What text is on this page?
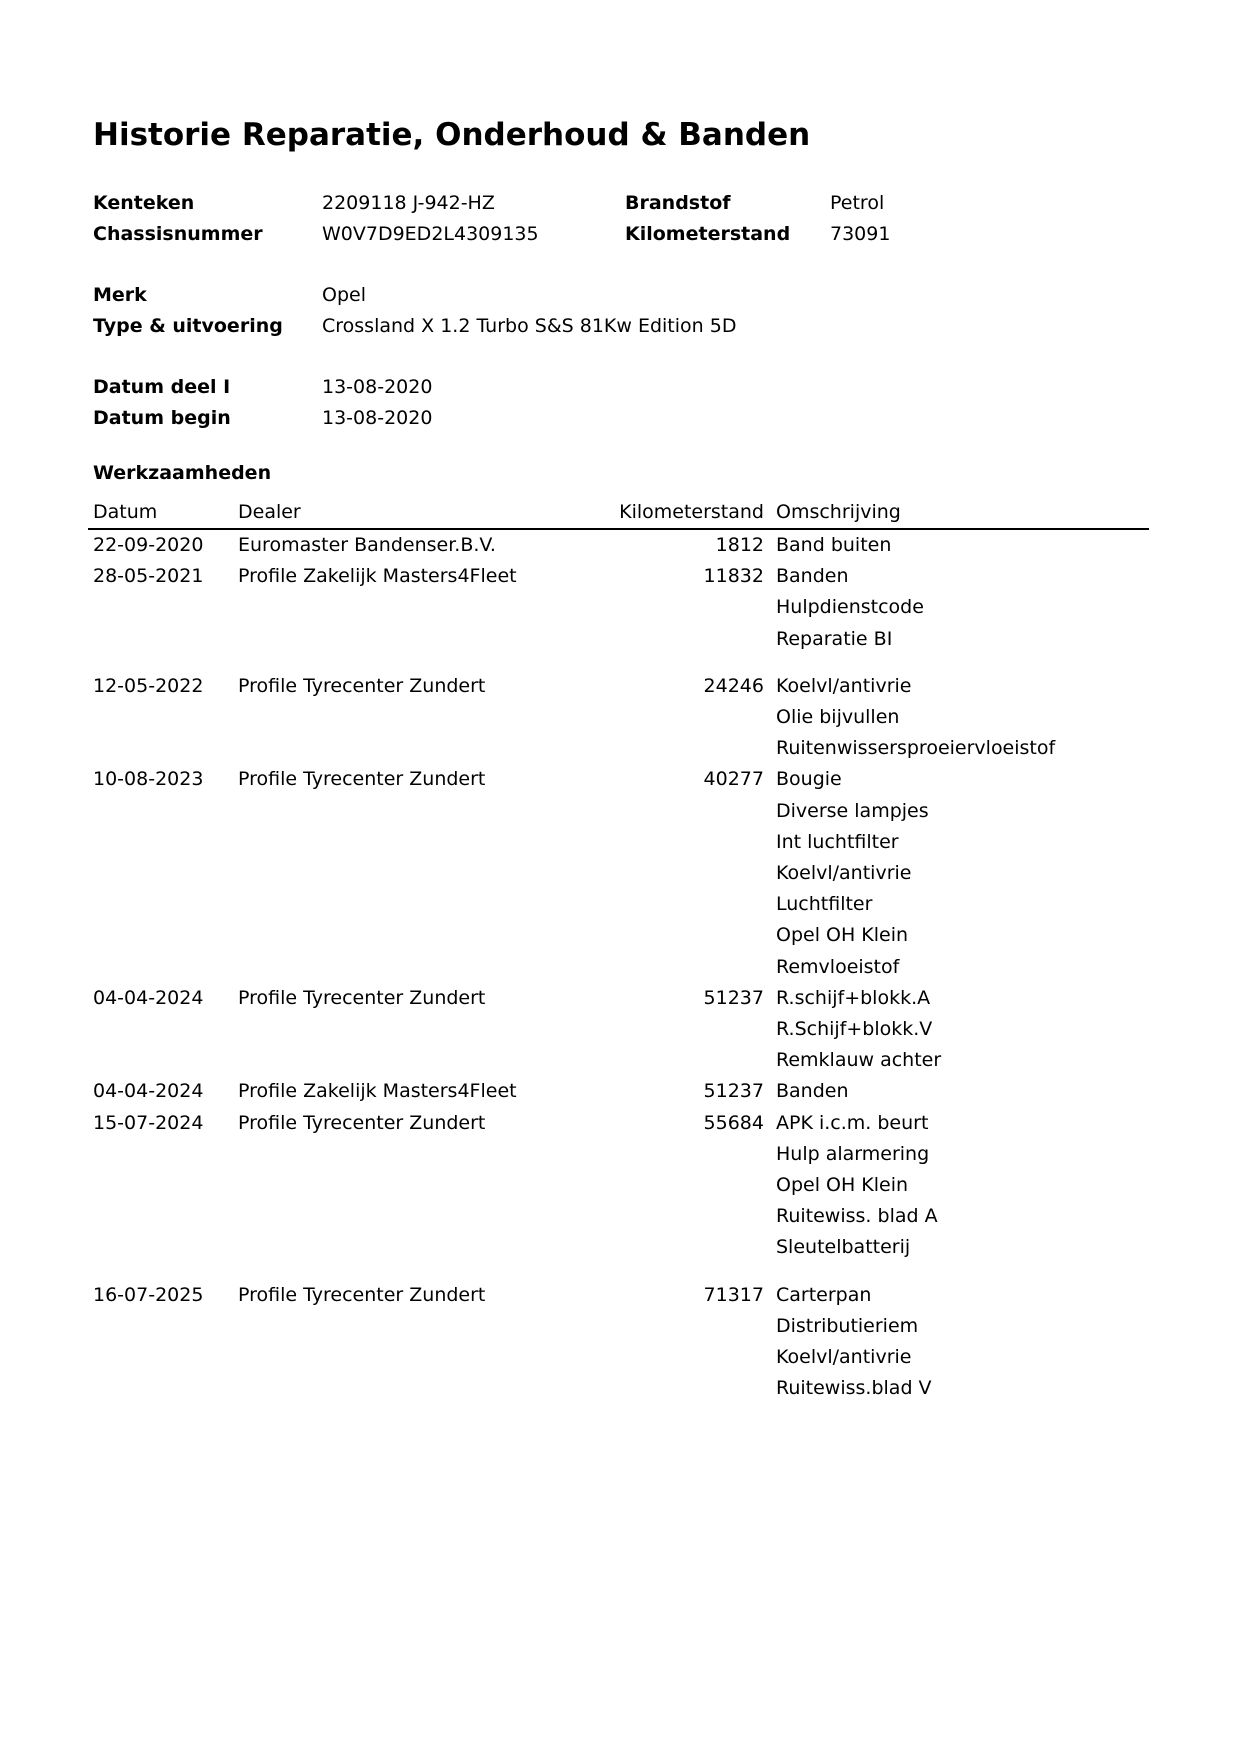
Historie Reparatie, Onderhoud & Banden
Kenteken	2209118 J-942-HZ	Brandstof	Petrol
Chassisnummer	W0V7D9ED2L4309135	Kilometerstand 73091
Merk	Opel
Type & uitvoering Crossland X 1.2 Turbo S&S 81Kw Edition 5D
Datum deel I	13-08-2020
Datum begin	13-08-2020
Werkzaamheden
Datum	Dealer	Kilometerstand Omschrijving
22-09-2020 Euromaster Bandenser.B.V.	1812 Band buiten
28-05-2021 Profile Zakelijk Masters4Fleet	11832 Banden
Hulpdienstcode
Reparatie BI
12-05-2022 Profile Tyrecenter Zundert	24246 Koelvl/antivrie
Olie bijvullen
Ruitenwissersproeiervloeistof
10-08-2023 Profile Tyrecenter Zundert	40277 Bougie
Diverse lampjes
Int luchtfilter
Koelvl/antivrie
Luchtfilter
Opel OH Klein
Remvloeistof
04-04-2024 Profile Tyrecenter Zundert	51237 R.schijf+blokk.A
R.Schijf+blokk.V
Remklauw achter
04-04-2024 Profile Zakelijk Masters4Fleet	51237 Banden
15-07-2024 Profile Tyrecenter Zundert	55684 APK i.c.m. beurt
Hulp alarmering
Opel OH Klein
Ruitewiss. blad A
Sleutelbatterij
16-07-2025 Profile Tyrecenter Zundert	71317 Carterpan
Distributieriem
Koelvl/antivrie
Ruitewiss.blad V
